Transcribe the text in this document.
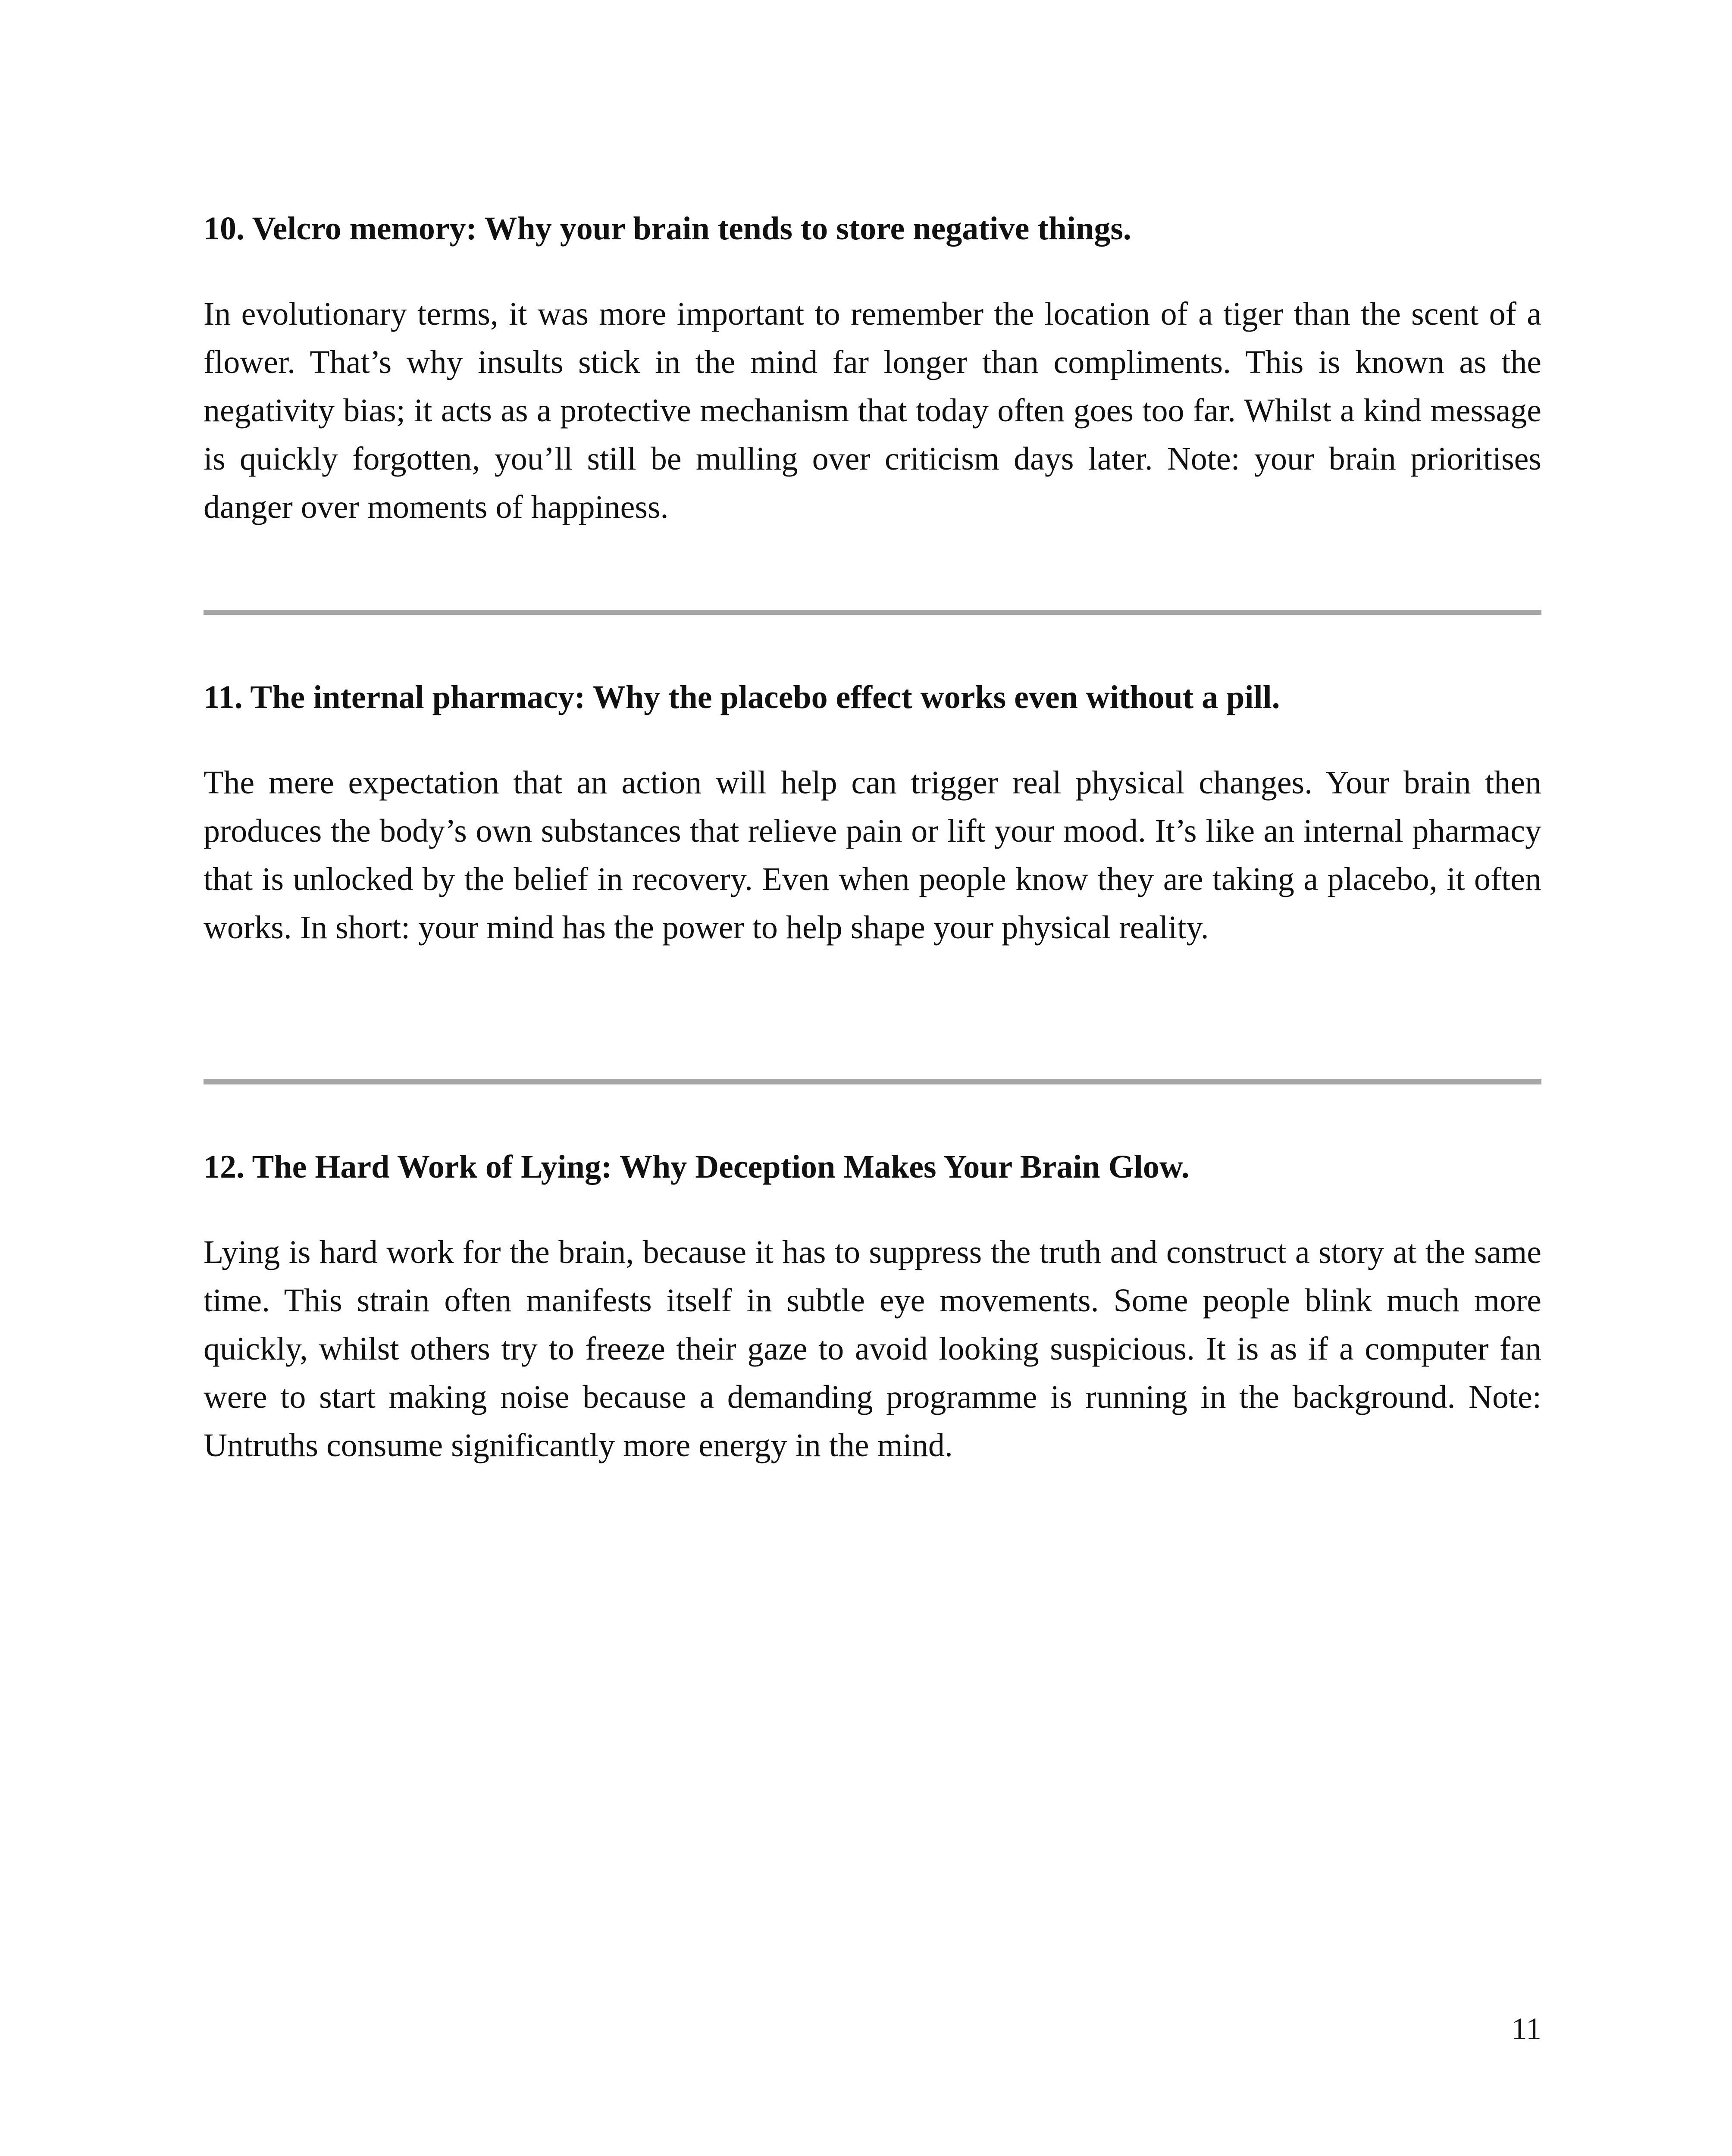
10. Velcro memory: Why your brain tends to store negative things.

In evolutionary terms, it was more important to remember the location of a tiger than the scent of a flower. That’s why insults stick in the mind far longer than compliments. This is known as the negativity bias; it acts as a protective mechanism that today often goes too far. Whilst a kind message is quickly forgotten, you’ll still be mulling over criticism days later. Note: your brain prioritises danger over moments of happiness.

11. The internal pharmacy: Why the placebo effect works even without a pill.

The mere expectation that an action will help can trigger real physical changes. Your brain then produces the body’s own substances that relieve pain or lift your mood. It’s like an internal pharmacy that is unlocked by the belief in recovery. Even when people know they are taking a placebo, it often works. In short: your mind has the power to help shape your physical reality.

12. The Hard Work of Lying: Why Deception Makes Your Brain Glow.

Lying is hard work for the brain, because it has to suppress the truth and construct a story at the same time. This strain often manifests itself in subtle eye movements. Some people blink much more quickly, whilst others try to freeze their gaze to avoid looking suspicious. It is as if a computer fan were to start making noise because a demanding programme is running in the background. Note: Untruths consume significantly more energy in the mind.

11
